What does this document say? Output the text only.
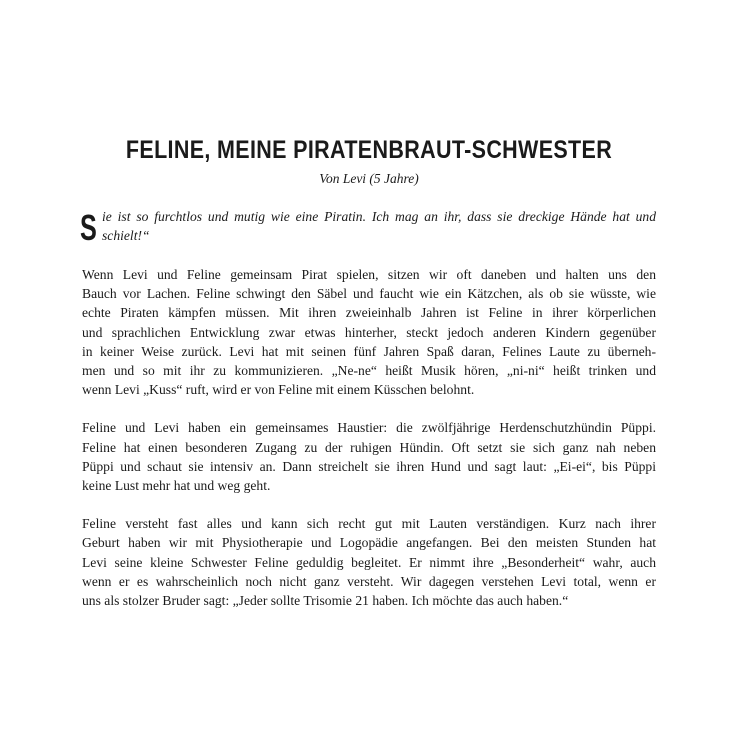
FELINE, MEINE PIRATENBRAUT-SCHWESTER
Von Levi (5 Jahre)
S ie ist so furchtlos und mutig wie eine Piratin. Ich mag an ihr, dass sie dreckige Hände hat und
schielt!“

Wenn Levi und Feline gemeinsam Pirat spielen, sitzen wir oft daneben und halten uns den
Bauch vor Lachen. Feline schwingt den Säbel und faucht wie ein Kätzchen, als ob sie wüsste, wie
echte Piraten kämpfen müssen. Mit ihren zweieinhalb Jahren ist Feline in ihrer körperlichen
und sprachlichen Entwicklung zwar etwas hinterher, steckt jedoch anderen Kindern gegenüber
in keiner Weise zurück. Levi hat mit seinen fünf Jahren Spaß daran, Felines Laute zu überneh-
men und so mit ihr zu kommunizieren. „Ne-ne“ heißt Musik hören, „ni-ni“ heißt trinken und
wenn Levi „Kuss“ ruft, wird er von Feline mit einem Küsschen belohnt.

Feline und Levi haben ein gemeinsames Haustier: die zwölfjährige Herdenschutzhündin Püppi.
Feline hat einen besonderen Zugang zu der ruhigen Hündin. Oft setzt sie sich ganz nah neben
Püppi und schaut sie intensiv an. Dann streichelt sie ihren Hund und sagt laut: „Ei-ei“, bis Püppi
keine Lust mehr hat und weg geht.

Feline versteht fast alles und kann sich recht gut mit Lauten verständigen. Kurz nach ihrer
Geburt haben wir mit Physiotherapie und Logopädie angefangen. Bei den meisten Stunden hat
Levi seine kleine Schwester Feline geduldig begleitet. Er nimmt ihre „Besonderheit“ wahr, auch
wenn er es wahrscheinlich noch nicht ganz versteht. Wir dagegen verstehen Levi total, wenn er
uns als stolzer Bruder sagt: „Jeder sollte Trisomie 21 haben. Ich möchte das auch haben.“
